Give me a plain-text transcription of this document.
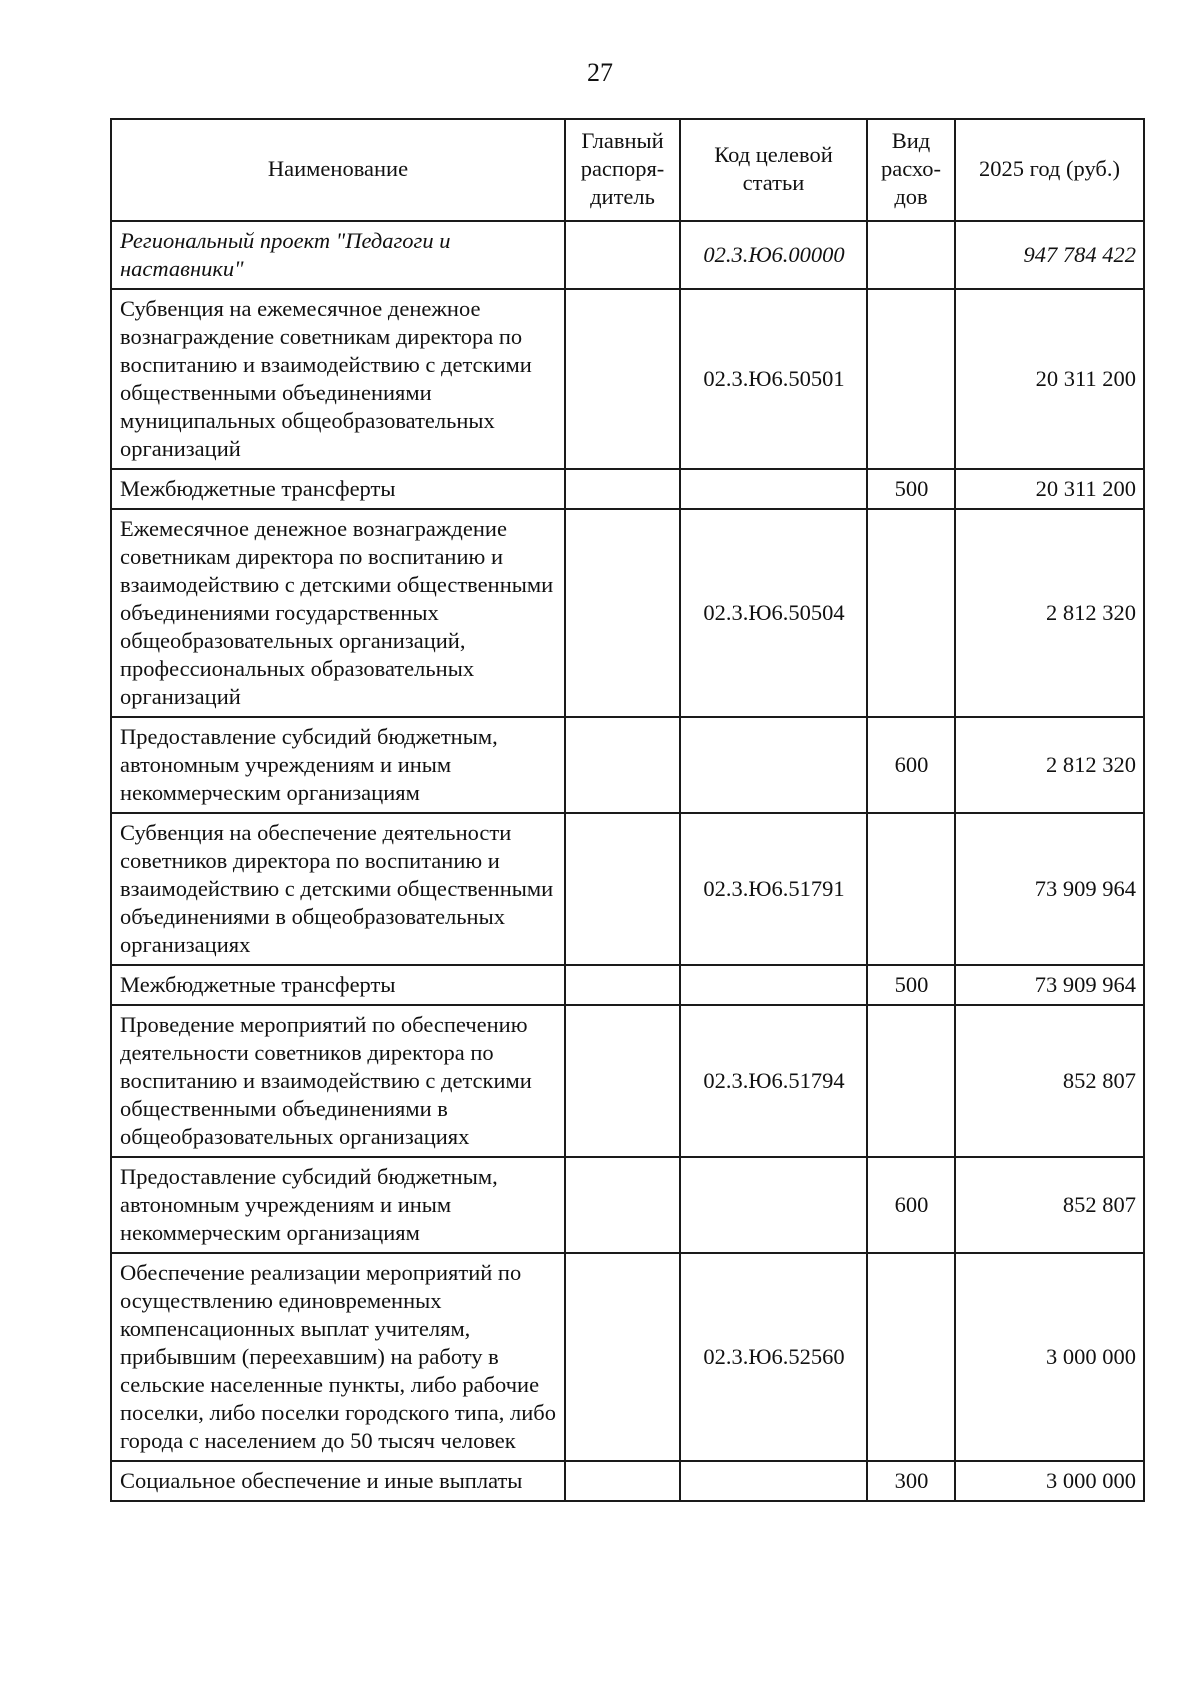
27
Наименование	Главный распоря-дитель	Код целевой статьи	Вид расхо-дов	2025 год (руб.)
Региональный проект "Педагоги и наставники"		02.3.Ю6.00000		947 784 422
Субвенция на ежемесячное денежное вознаграждение советникам директора по воспитанию и взаимодействию с детскими общественными объединениями муниципальных общеобразовательных организаций		02.3.Ю6.50501		20 311 200
Межбюджетные трансферты			500	20 311 200
Ежемесячное денежное вознаграждение советникам директора по воспитанию и взаимодействию с детскими общественными объединениями государственных общеобразовательных организаций, профессиональных образовательных организаций		02.3.Ю6.50504		2 812 320
Предоставление субсидий бюджетным, автономным учреждениям и иным некоммерческим организациям			600	2 812 320
Субвенция на обеспечение деятельности советников директора по воспитанию и взаимодействию с детскими общественными объединениями в общеобразовательных организациях		02.3.Ю6.51791		73 909 964
Межбюджетные трансферты			500	73 909 964
Проведение мероприятий по обеспечению деятельности советников директора по воспитанию и взаимодействию с детскими общественными объединениями в общеобразовательных организациях		02.3.Ю6.51794		852 807
Предоставление субсидий бюджетным, автономным учреждениям и иным некоммерческим организациям			600	852 807
Обеспечение реализации мероприятий по осуществлению единовременных компенсационных выплат учителям, прибывшим (переехавшим) на работу в сельские населенные пункты, либо рабочие поселки, либо поселки городского типа, либо города с населением до 50 тысяч человек		02.3.Ю6.52560		3 000 000
Социальное обеспечение и иные выплаты			300	3 000 000
